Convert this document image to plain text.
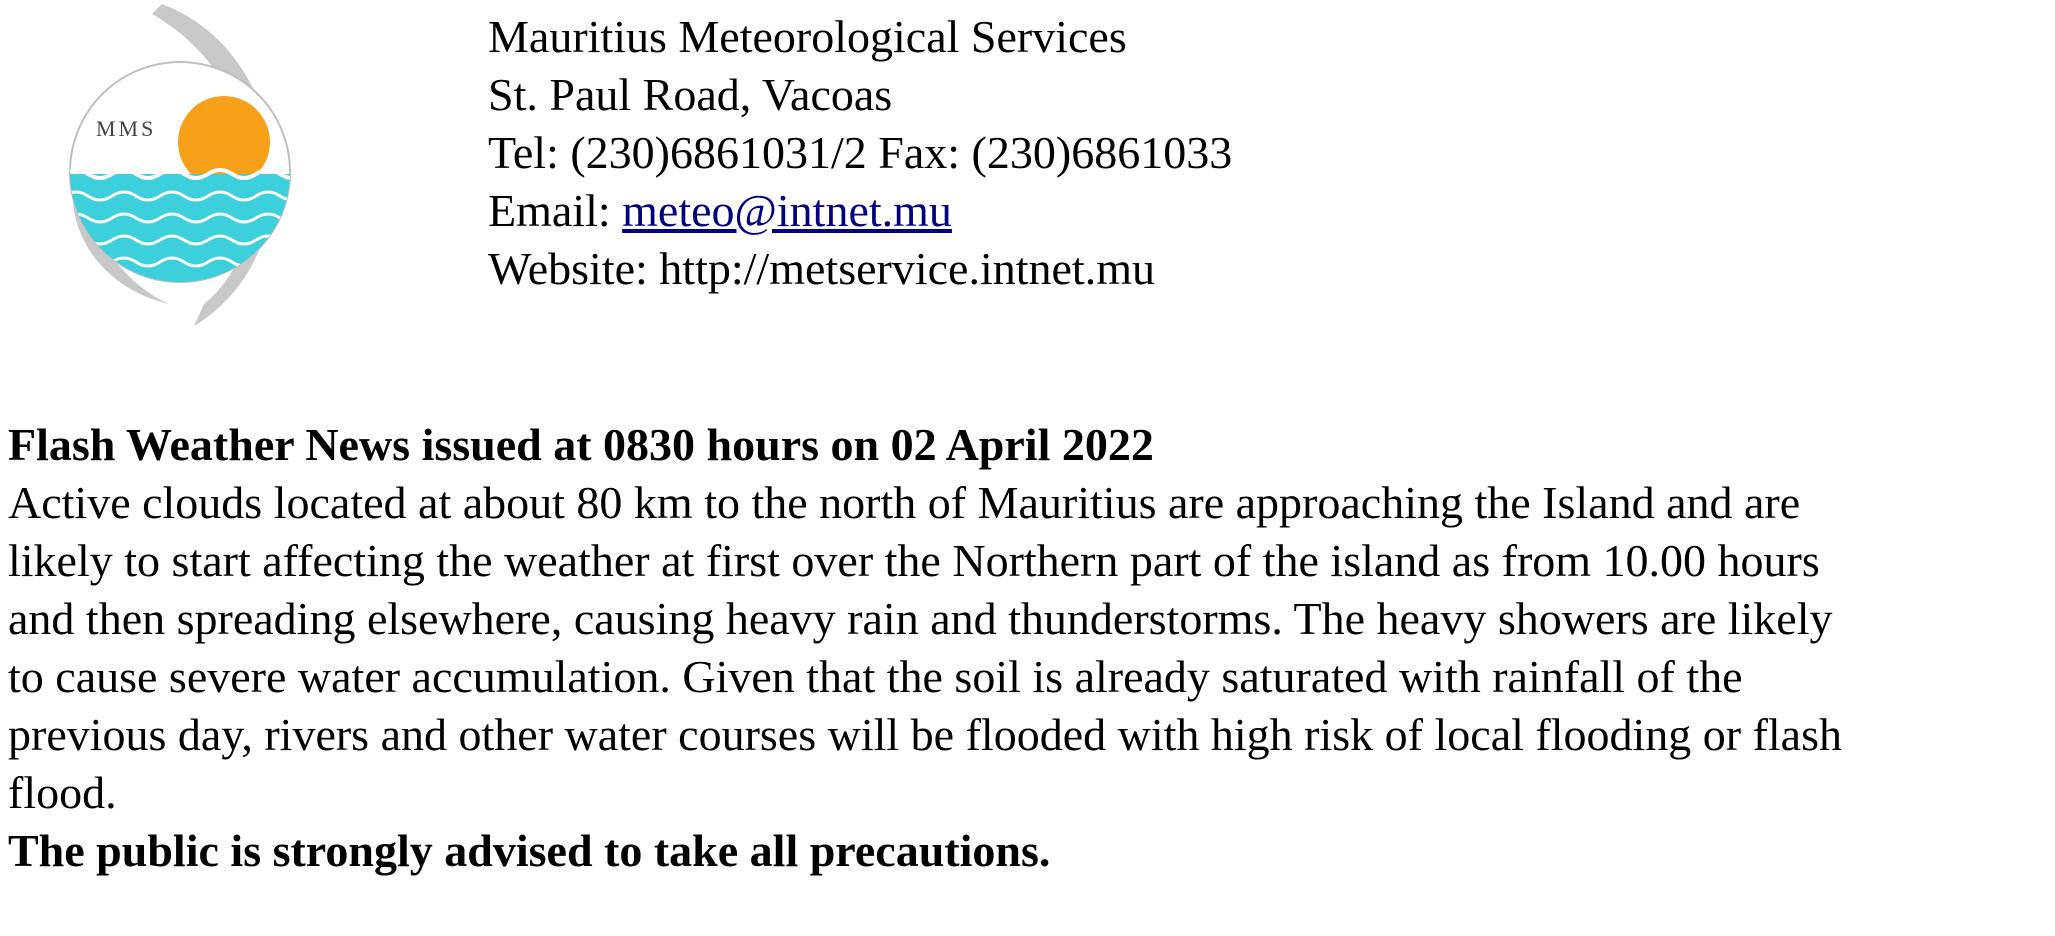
MMS
Mauritius Meteorological Services
St. Paul Road, Vacoas
Tel: (230)6861031/2 Fax: (230)6861033
Email: meteo@intnet.mu
Website: http://metservice.intnet.mu
Flash Weather News issued at 0830 hours on 02 April 2022
Active clouds located at about 80 km to the north of Mauritius are approaching the Island and are
likely to start affecting the weather at first over the Northern part of the island as from 10.00 hours
and then spreading elsewhere, causing heavy rain and thunderstorms. The heavy showers are likely
to cause severe water accumulation. Given that the soil is already saturated with rainfall of the
previous day, rivers and other water courses will be flooded with high risk of local flooding or flash
flood.
The public is strongly advised to take all precautions.
